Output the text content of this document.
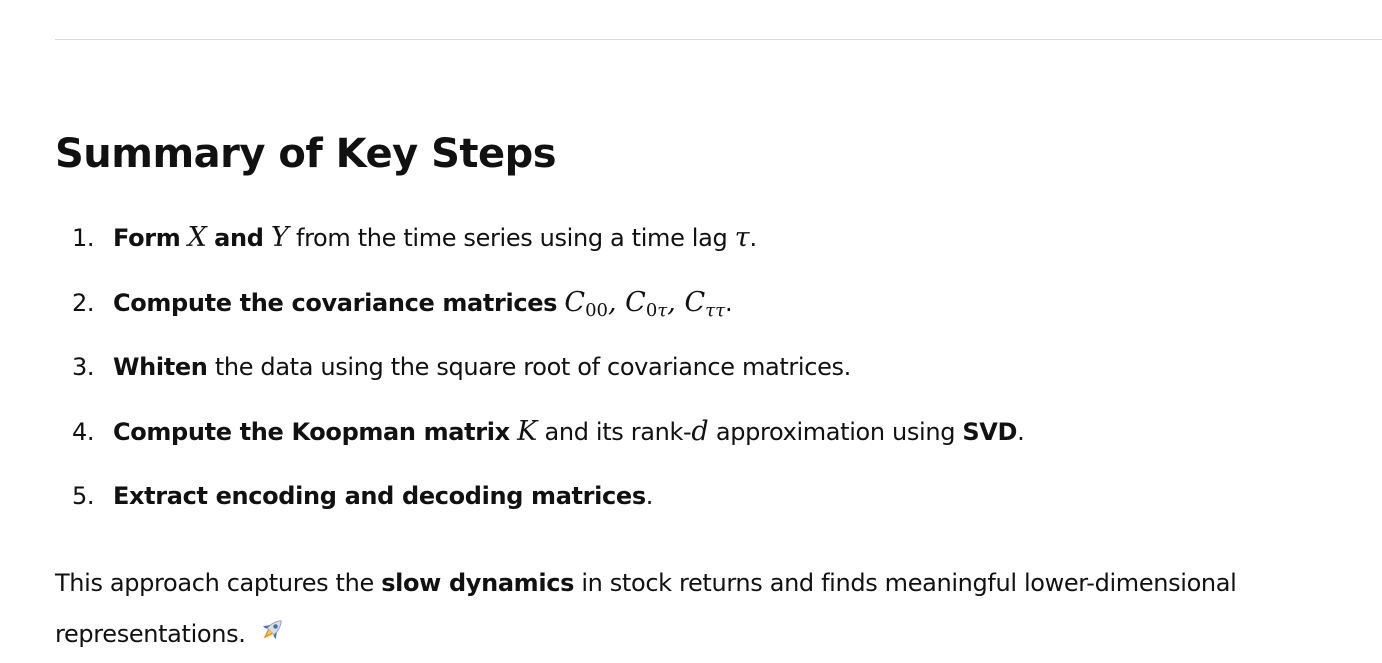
Summary of Key Steps
1. Form X and Y from the time series using a time lag τ.
2. Compute the covariance matrices $C_{00}$, $C_{0\tau}$, $C_{\tau\tau}$.
3. Whiten the data using the square root of covariance matrices.
4. Compute the Koopman matrix K and its rank-d approximation using SVD.
5. Extract encoding and decoding matrices.

This approach captures the slow dynamics in stock returns and finds meaningful lower-dimensional representations.
